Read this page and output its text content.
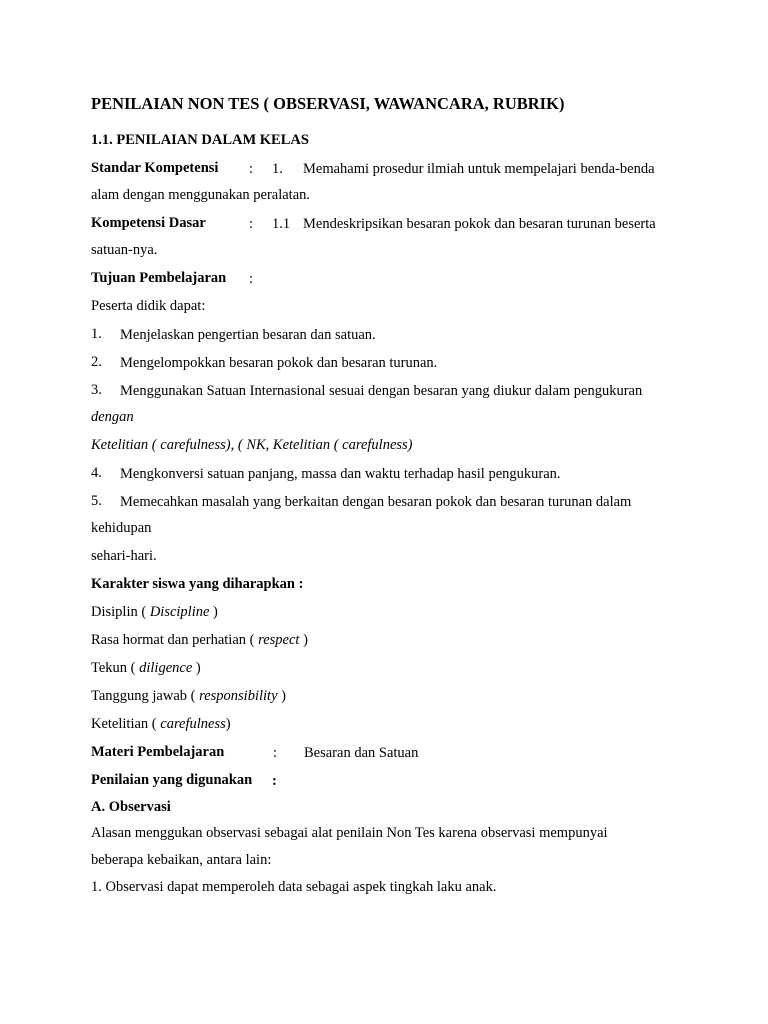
PENILAIAN NON TES ( OBSERVASI, WAWANCARA, RUBRIK)
1.1. PENILAIAN DALAM KELAS
Standar Kompetensi : 1. Memahami prosedur ilmiah untuk mempelajari benda-benda
alam dengan menggunakan peralatan.
Kompetensi Dasar	: 1.1 Mendeskripsikan besaran pokok dan besaran turunan beserta
satuan-nya.
Tujuan Pembelajaran :
Peserta didik dapat:
1. Menjelaskan pengertian besaran dan satuan.
2. Mengelompokkan besaran pokok dan besaran turunan.
3. Menggunakan Satuan Internasional sesuai dengan besaran yang diukur dalam pengukuran
dengan
Ketelitian ( carefulness), ( NK, Ketelitian ( carefulness)
4. Mengkonversi satuan panjang, massa dan waktu terhadap hasil pengukuran.
5. Memecahkan masalah yang berkaitan dengan besaran pokok dan besaran turunan dalam
kehidupan
sehari-hari.
Karakter siswa yang diharapkan :
Disiplin ( Discipline )
Rasa hormat dan perhatian ( respect )
Tekun ( diligence )
Tanggung jawab ( responsibility )
Ketelitian ( carefulness)
Materi Pembelajaran	: Besaran dan Satuan
Penilaian yang digunakan :
A. Observasi
Alasan menggukan observasi sebagai alat penilain Non Tes karena observasi mempunyai
beberapa kebaikan, antara lain:
1. Observasi dapat memperoleh data sebagai aspek tingkah laku anak.
